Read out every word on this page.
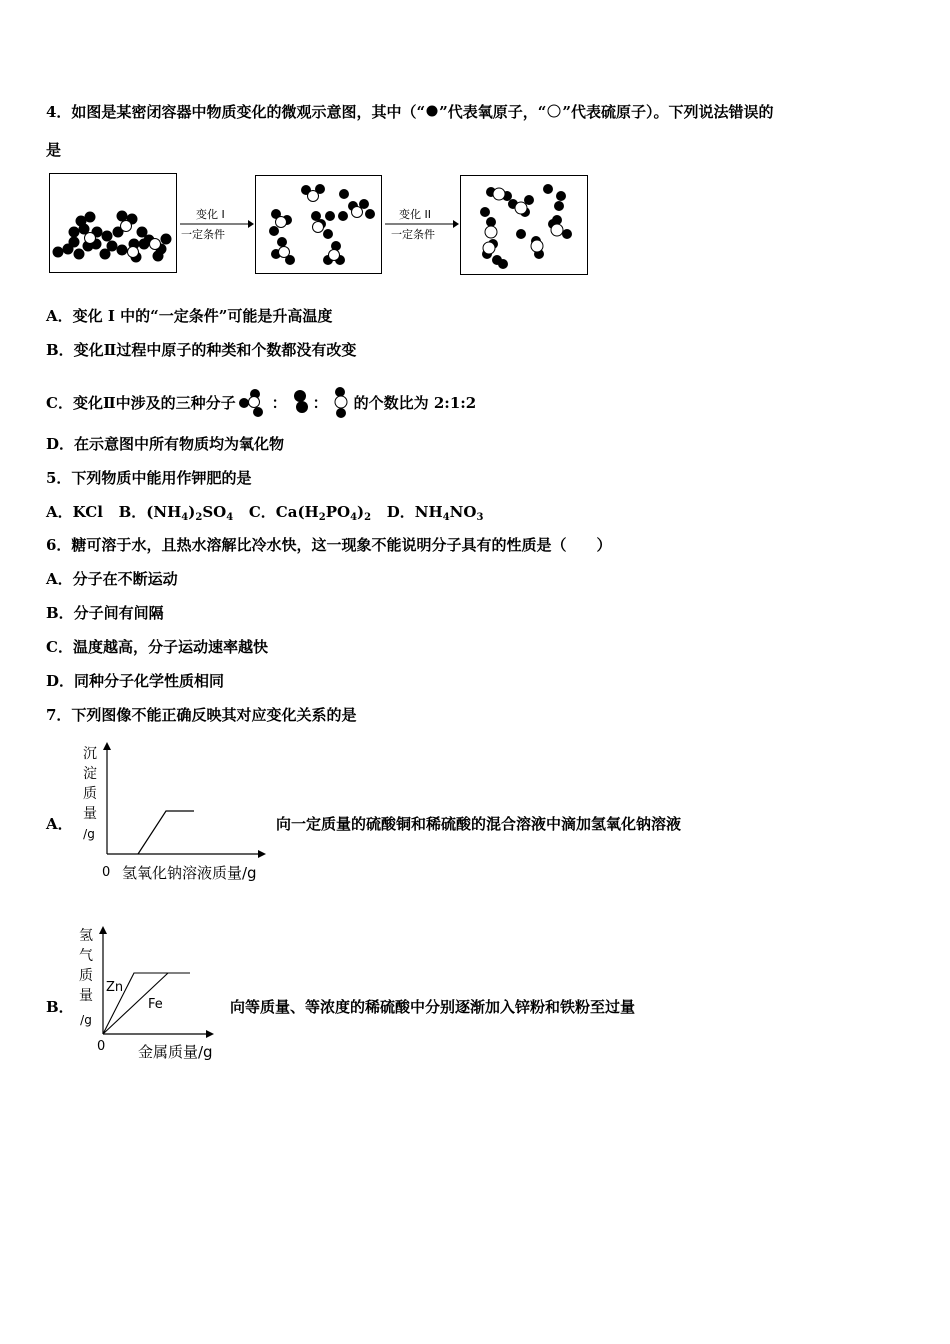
4．如图是某密闭容器中物质变化的微观示意图，其中（“ ”代表氧原子，“ ”代表硫原子）。下列说法错误的
是
变化 I
一定条件
变化 II
一定条件
A．变化 I 中的“一定条件”可能是升高温度
B．变化Ⅱ过程中原子的种类和个数都没有改变
C．变化Ⅱ中涉及的三种分子 ： ： 的个数比为 2:1:2
D．在示意图中所有物质均为氧化物
5．下列物质中能用作钾肥的是
A．KCl B．$(NH_4)_2SO_4$ C．$Ca(H_2PO_4)_2$ D．$NH_4NO_3$
6．糖可溶于水，且热水溶解比冷水快，这一现象不能说明分子具有的性质是（　　）
A．分子在不断运动
B．分子间有间隔
C．温度越高，分子运动速率越快
D．同种分子化学性质相同
7．下列图像不能正确反映其对应变化关系的是
A．
沉
淀
质
量
/g
0 氢氧化钠溶液质量/g
向一定质量的硫酸铜和稀硫酸的混合溶液中滴加氢氧化钠溶液
B．
氢
气
质
量
/g
Zn
Fe
0 金属质量/g
向等质量、等浓度的稀硫酸中分别逐渐加入锌粉和铁粉至过量
